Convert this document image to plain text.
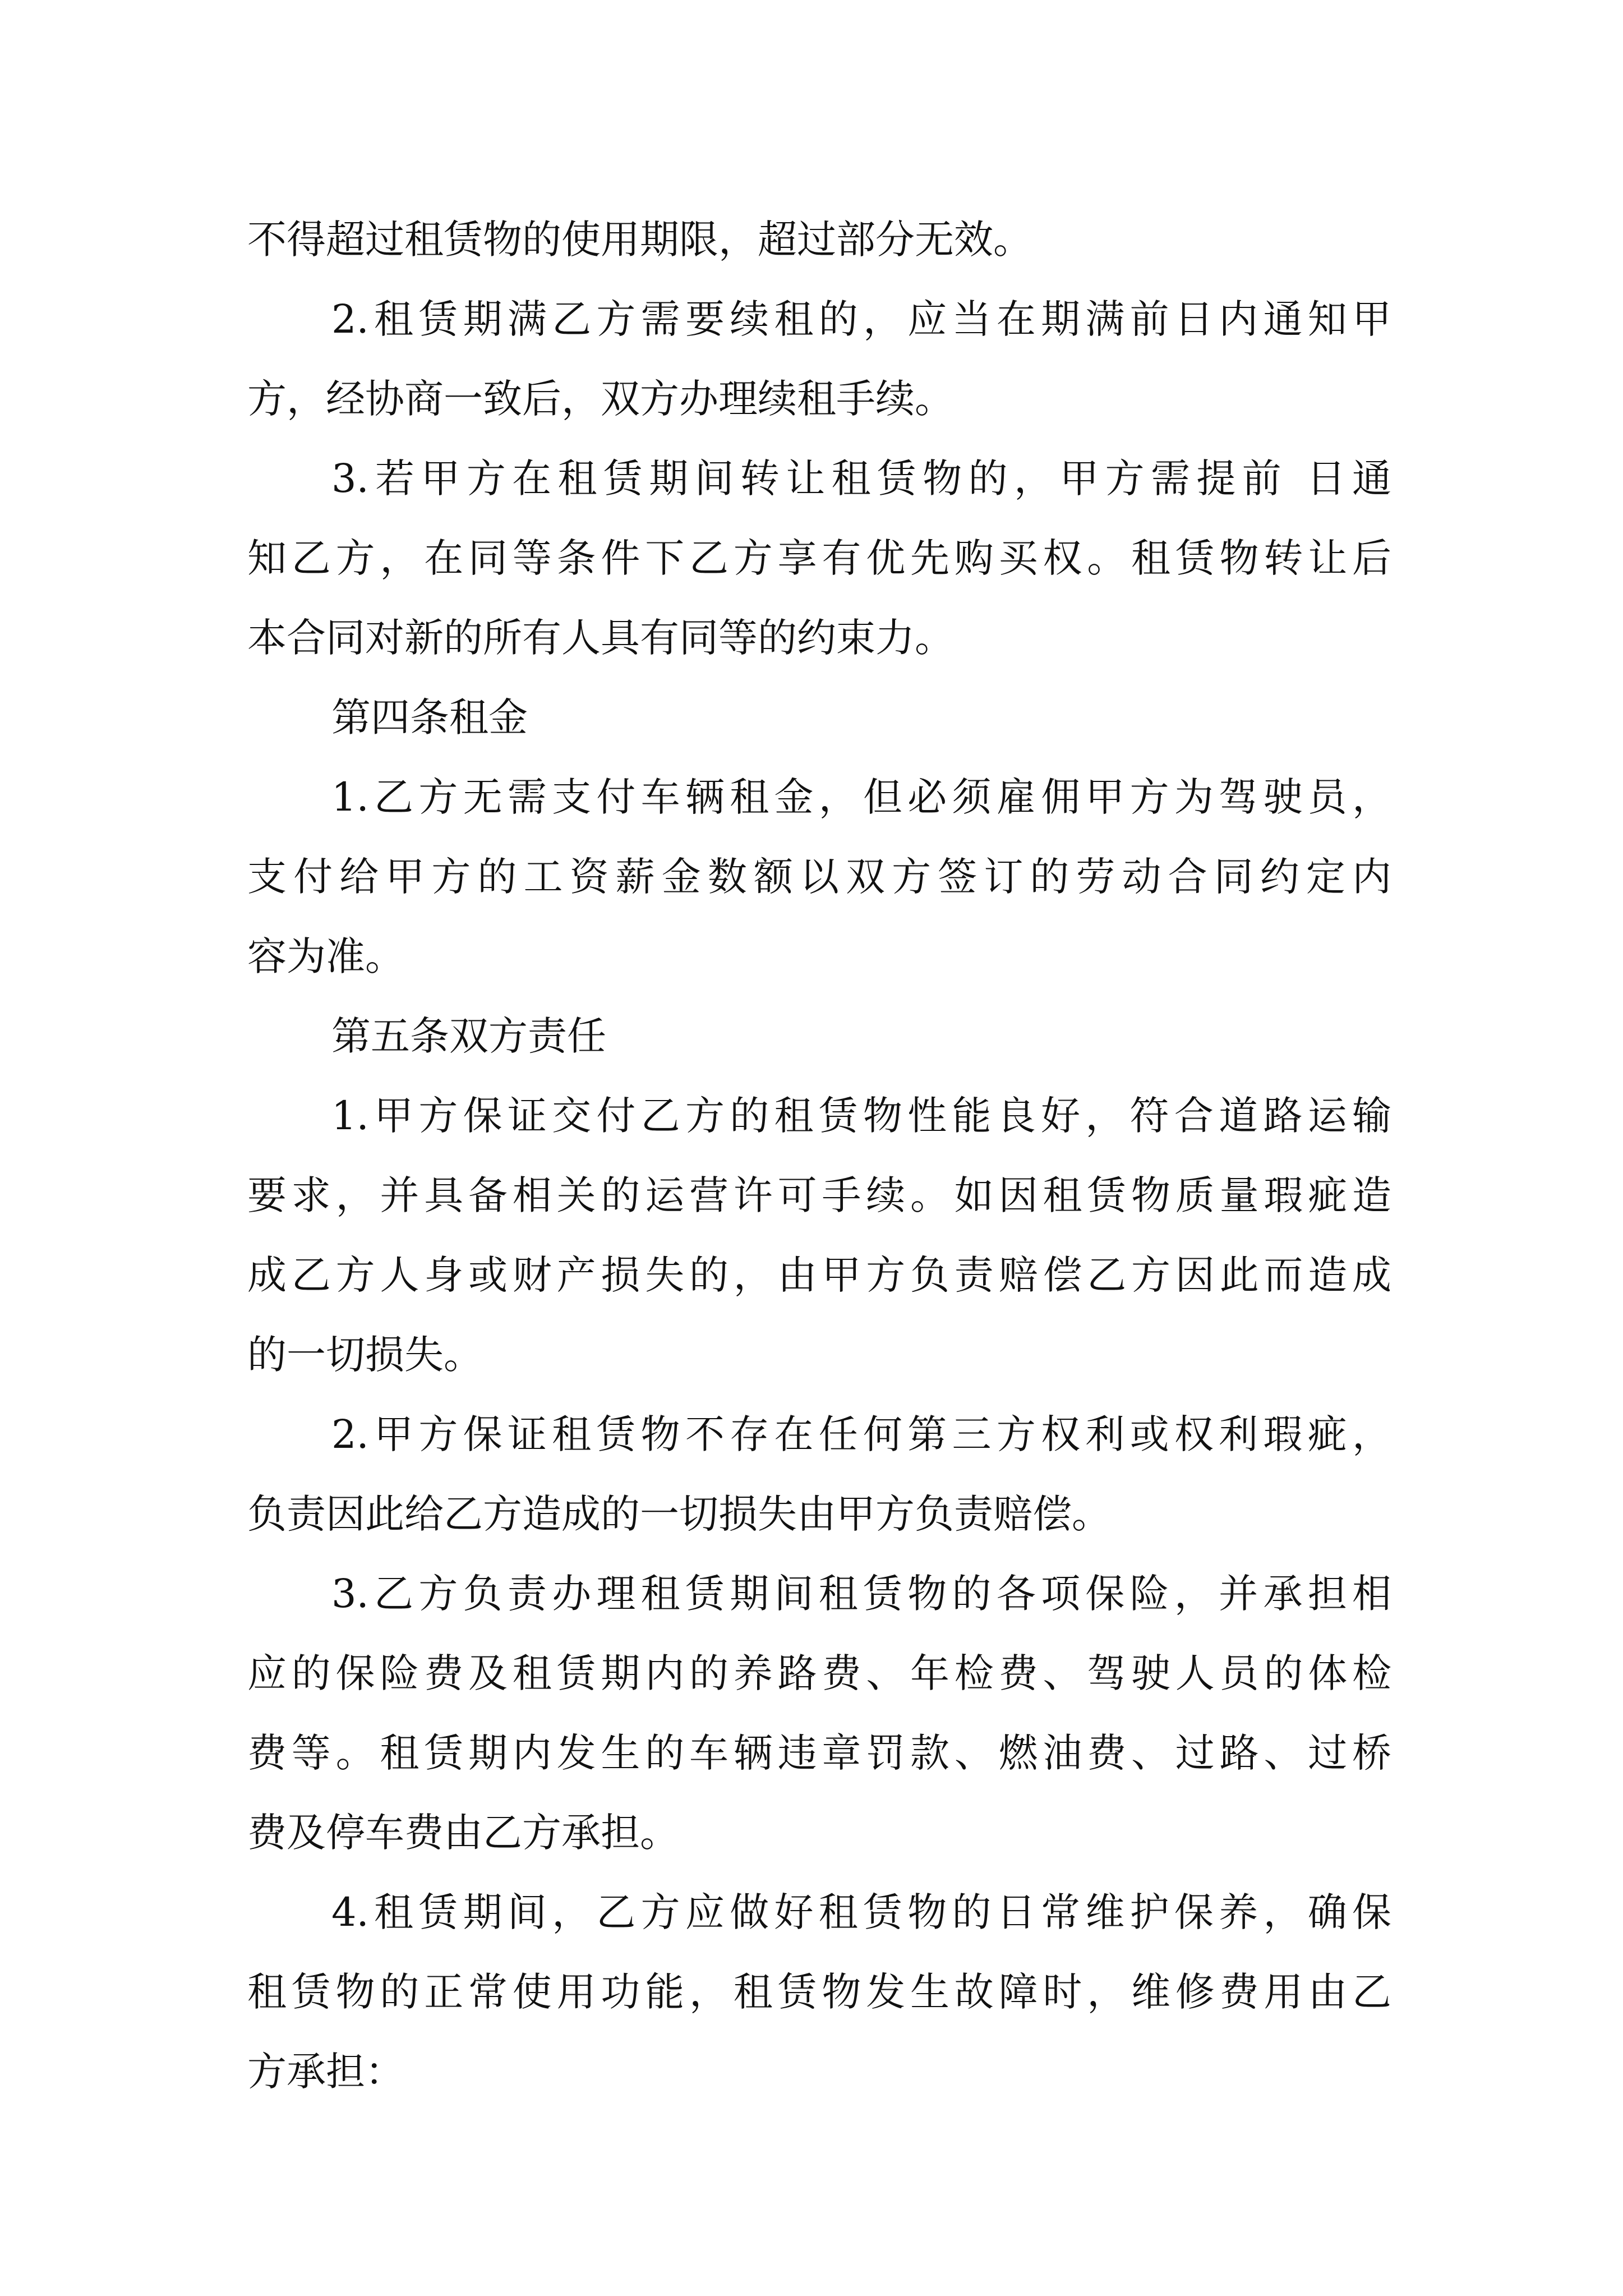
不得超过租赁物的使用期限，超过部分无效。
2.租赁期满乙方需要续租的，应当在期满前日内通知甲
方，经协商一致后，双方办理续租手续。
3.若甲方在租赁期间转让租赁物的，甲方需提前 日通
知乙方，在同等条件下乙方享有优先购买权。租赁物转让后
本合同对新的所有人具有同等的约束力。
第四条租金
1.乙方无需支付车辆租金，但必须雇佣甲方为驾驶员，
支付给甲方的工资薪金数额以双方签订的劳动合同约定内
容为准。
第五条双方责任
1.甲方保证交付乙方的租赁物性能良好，符合道路运输
要求，并具备相关的运营许可手续。如因租赁物质量瑕疵造
成乙方人身或财产损失的，由甲方负责赔偿乙方因此而造成
的一切损失。
2.甲方保证租赁物不存在任何第三方权利或权利瑕疵，
负责因此给乙方造成的一切损失由甲方负责赔偿。
3.乙方负责办理租赁期间租赁物的各项保险，并承担相
应的保险费及租赁期内的养路费、年检费、驾驶人员的体检
费等。租赁期内发生的车辆违章罚款、燃油费、过路、过桥
费及停车费由乙方承担。
4.租赁期间，乙方应做好租赁物的日常维护保养，确保
租赁物的正常使用功能，租赁物发生故障时，维修费用由乙
方承担：
